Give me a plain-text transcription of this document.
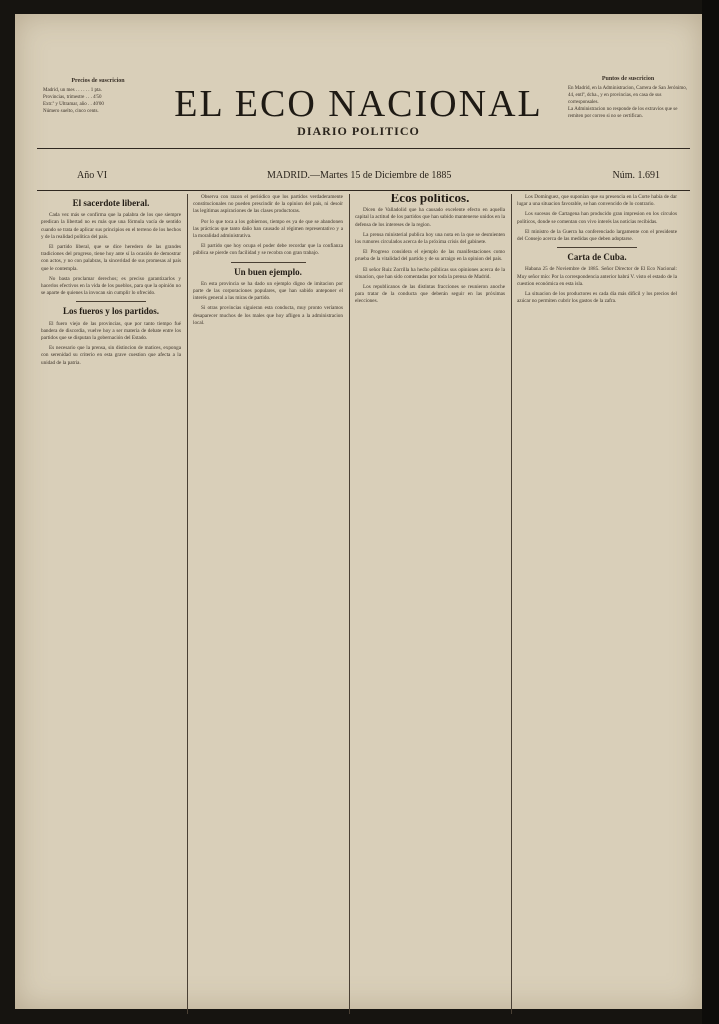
Precios de suscricion
Madrid, un mes . . . . . . 1 pta.
Provincias, trimestre . . . 4'50
Extr.º y Ultramar, año . . 40'00
Número suelto, cinco cents.	EL ECO NACIONAL
DIARIO POLITICO
Puntos de suscricion
En Madrid, en la Administracion, Carrera de San Jerónimo, 44, entlº, dcha., y en provincias, en casa de sus corresponsales.
La Administracion no responde de los extravíos que se remiten por correo si no se certifican.
Año VI	MADRID.—Martes 15 de Diciembre de 1885	Núm. 1.691
El sacerdote liberal.

Cada vez más se confirma que la palabra de los que siempre predican la libertad no es más que una fórmula vacía de sentido cuando se trata de aplicar sus principios en el terreno de los hechos y de la realidad política del país.

El partido liberal, que se dice heredero de las grandes tradiciones del progreso, tiene hoy ante sí la ocasión de demostrar con actos, y no con palabras, la sinceridad de sus promesas al país que le contempla.

No basta proclamar derechos; es preciso garantizarlos y hacerlos efectivos en la vida de los pueblos, para que la opinión no se aparte de quienes la invocan sin cumplir lo ofrecido.

Los fueros y los partidos.

El fuero viejo de las provincias, que por tanto tiempo fué bandera de discordia, vuelve hoy a ser materia de debate entre los partidos que se disputan la gobernación del Estado.

Es necesario que la prensa, sin distincion de matices, exponga con serenidad su criterio en esta grave cuestion que afecta a la unidad de la patria.

Observa con razon el periódico que los partidos verdaderamente constitucionales no pueden prescindir de la opinion del país, ni desoír las legítimas aspiraciones de las clases productoras.

Por lo que toca a los gobiernos, tiempo es ya de que se abandonen las prácticas que tanto daño han causado al régimen representativo y a la moralidad administrativa.

El partido que hoy ocupa el poder debe recordar que la confianza pública se pierde con facilidad y se recobra con gran trabajo.

Un buen ejemplo.

En esta provincia se ha dado un ejemplo digno de imitacion por parte de las corporaciones populares, que han sabido anteponer el interés general a las miras de partido.

Si otras provincias siguieran esta conducta, muy pronto veríamos desaparecer muchos de los males que hoy afligen a la administracion local.

Ecos políticos.

Dicen de Valladolid que ha causado excelente efecto en aquella capital la actitud de los partidos que han sabido mantenerse unidos en la defensa de los intereses de la region.

La prensa ministerial publica hoy una nota en la que se desmienten los rumores circulados acerca de la próxima crisis del gabinete.

El Progreso considera el ejemplo de las manifestaciones como prueba de la vitalidad del partido y de su arraigo en la opinion del país.

El señor Ruiz Zorrilla ha hecho públicas sus opiniones acerca de la situacion, que han sido comentadas por toda la prensa de Madrid.

Los republicanos de las distintas fracciones se reunieron anoche para tratar de la conducta que deberán seguir en las próximas elecciones.

Los Domínguez, que suponían que su presencia en la Corte había de dar lugar a una situacion favorable, se han convencido de lo contrario.

Los sucesos de Cartagena han producido gran impresion en los círculos políticos, donde se comentan con vivo interés las noticias recibidas.

El ministro de la Guerra ha conferenciado largamente con el presidente del Consejo acerca de las medidas que deben adoptarse.

Carta de Cuba.

Habana 25 de Noviembre de 1885. Señor Director de El Eco Nacional: Muy señor mío: Por la correspondencia anterior habrá V. visto el estado de la cuestion económica en esta isla.

La situacion de los productores es cada día más difícil y los precios del azúcar no permiten cubrir los gastos de la zafra.
